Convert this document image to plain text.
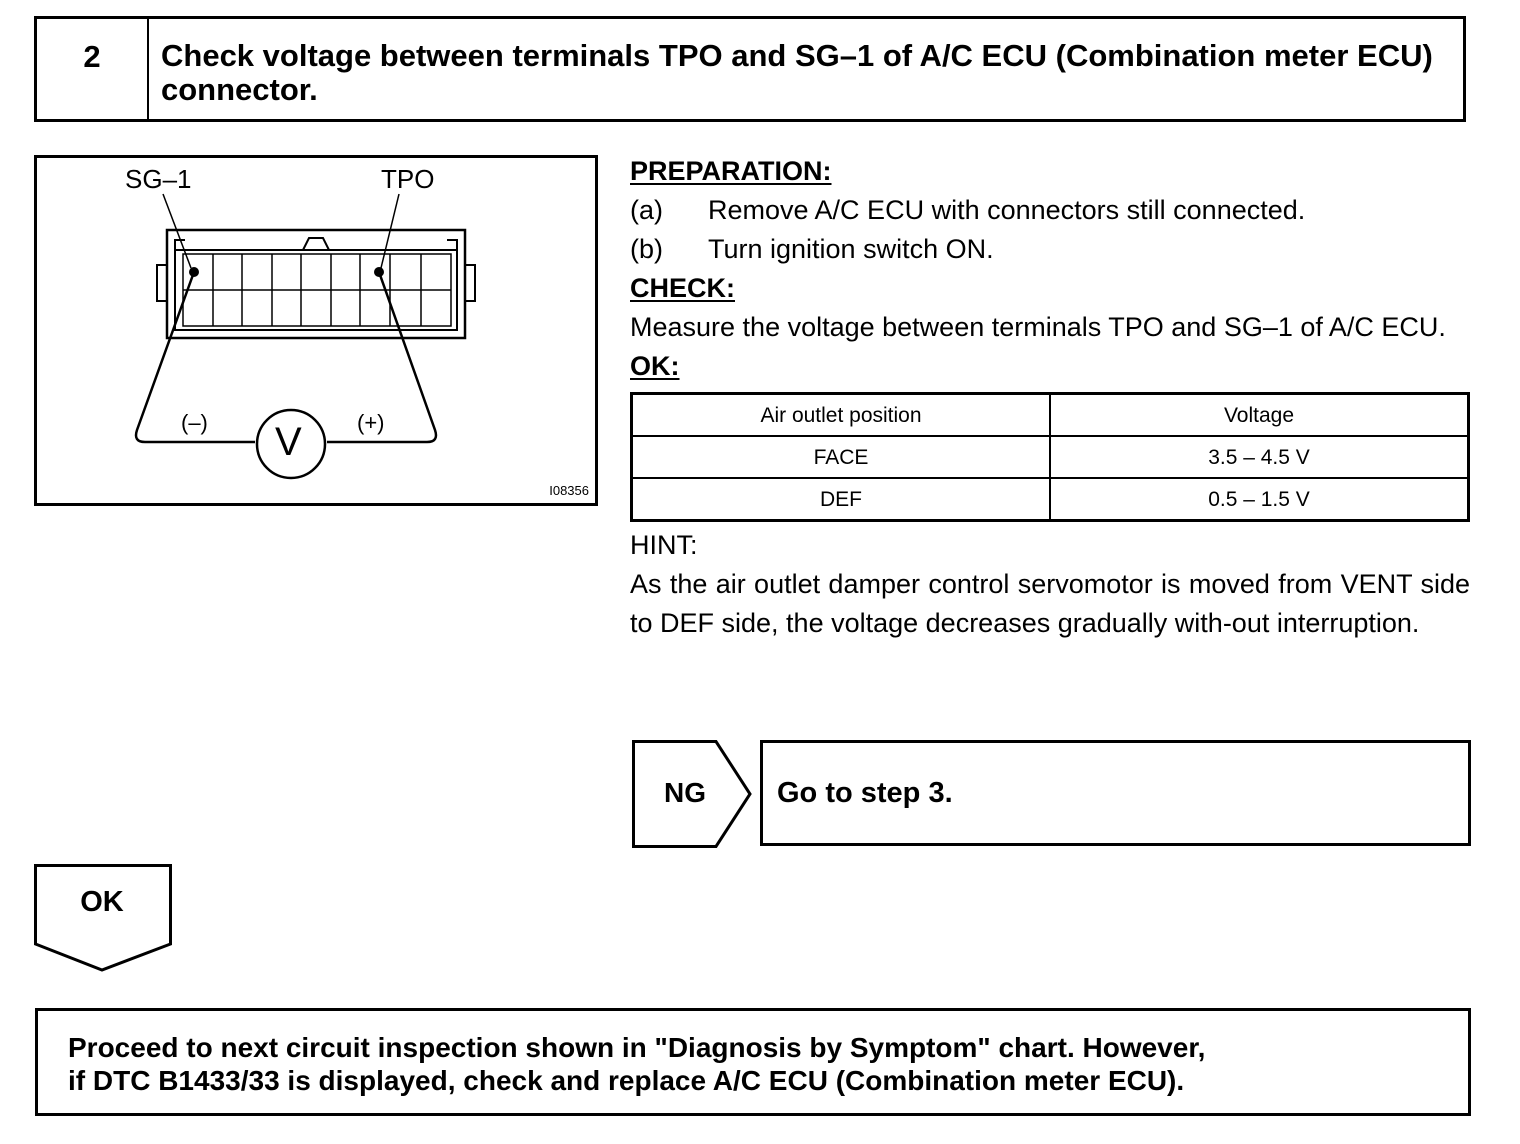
2	Check voltage between terminals TPO and SG–1 of A/C ECU (Combination meter ECU) connector.
SG–1	TPO
(–)	(+)
V
I08356
PREPARATION:
(a)	Remove A/C ECU with connectors still connected.
(b)	Turn ignition switch ON.
CHECK:
Measure the voltage between terminals TPO and SG–1 of A/C ECU.
OK:
Air outlet position	Voltage
FACE	3.5 – 4.5 V
DEF	0.5 – 1.5 V
HINT:
As the air outlet damper control servomotor is moved from VENT side to DEF side, the voltage decreases gradually with-out interruption.
NG	Go to step 3.
OK
Proceed to next circuit inspection shown in "Diagnosis by Symptom" chart. However,
if DTC B1433/33 is displayed, check and replace A/C ECU (Combination meter ECU).
